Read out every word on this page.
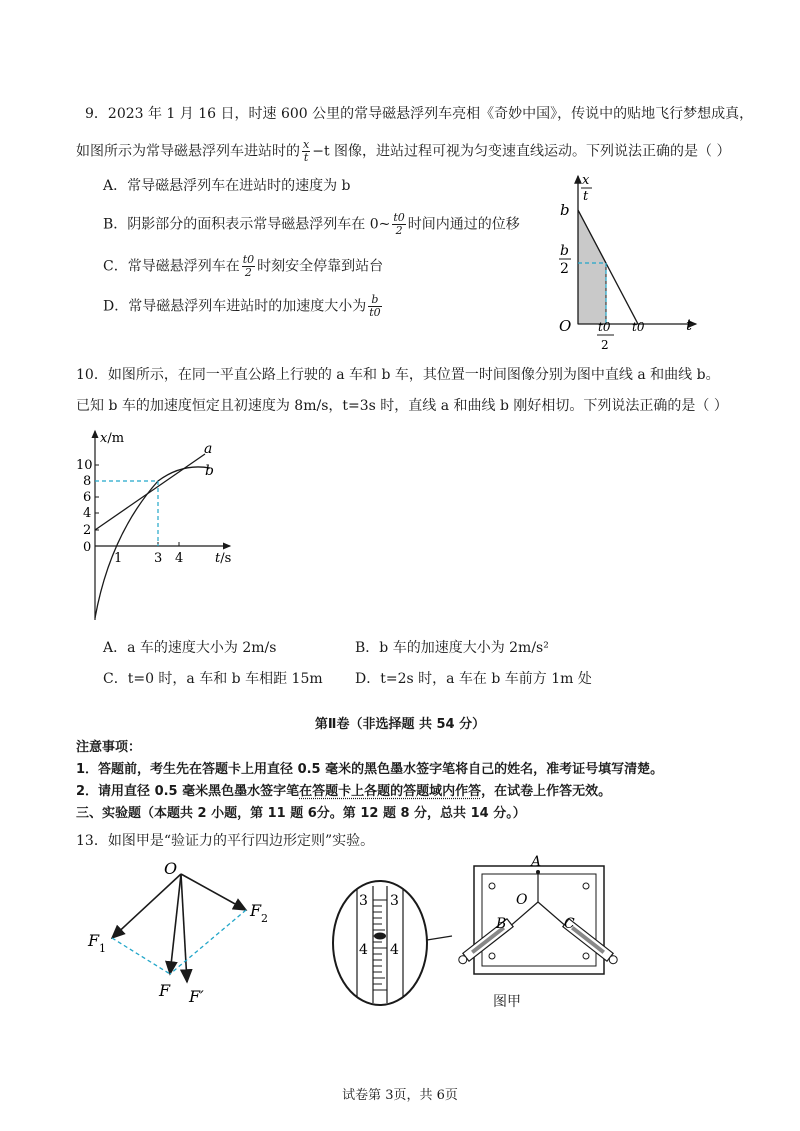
9．2023 年 1 月 16 日，时速 600 公里的常导磁悬浮列车亮相《奇妙中国》，传说中的贴地飞行梦想成真，
如图所示为常导磁悬浮列车进站时的 $\frac{x}{t} -t$ 图像，进站过程可视为匀变速直线运动。下列说法正确的是（ ）
A．常导磁悬浮列车在进站时的速度为 b
B．阴影部分的面积表示常导磁悬浮列车在 0~ $\frac{t0}{2}$ 时间内通过的位移
C．常导磁悬浮列车在 $\frac{t0}{2}$ 时刻安全停靠到站台
D．常导磁悬浮列车进站时的加速度大小为 $\frac{b}{t0}$
x
t
b
b
2
O t0
2
t0	t
10．如图所示，在同一平直公路上行驶的 a 车和 b 车，其位置一时间图像分别为图中直线 a 和曲线 b。
已知 b 车的加速度恒定且初速度为 8m/s，t=3s 时，直线 a 和曲线 b 刚好相切。下列说法正确的是（ ）
x/m
10
8
6
4
2
0
1 3 4 t/s
a
b
A．a 车的速度大小为 2m/s	B．b 车的加速度大小为 2m/s²
C．t=0 时，a 车和 b 车相距 15m D．t=2s 时，a 车在 b 车前方 1m 处
第Ⅱ卷（非选择题 共 54 分）
注意事项：
1．答题前，考生先在答题卡上用直径 0.5 毫米的黑色墨水签字笔将自己的姓名，准考证号填写清楚。
2．请用直径 0.5 毫米黑色墨水签字笔在答题卡上各题的答题域内作答，在试卷上作答无效。
三、实验题（本题共 2 小题，第 11 题 6分。第 12 题 8 分，总共 14 分。）
13．如图甲是“验证力的平行四边形定则”实验。
O
F 1
F 2
F F′
3 3
4 4
A
O
B	C
图甲
试卷第 3页，共 6页
